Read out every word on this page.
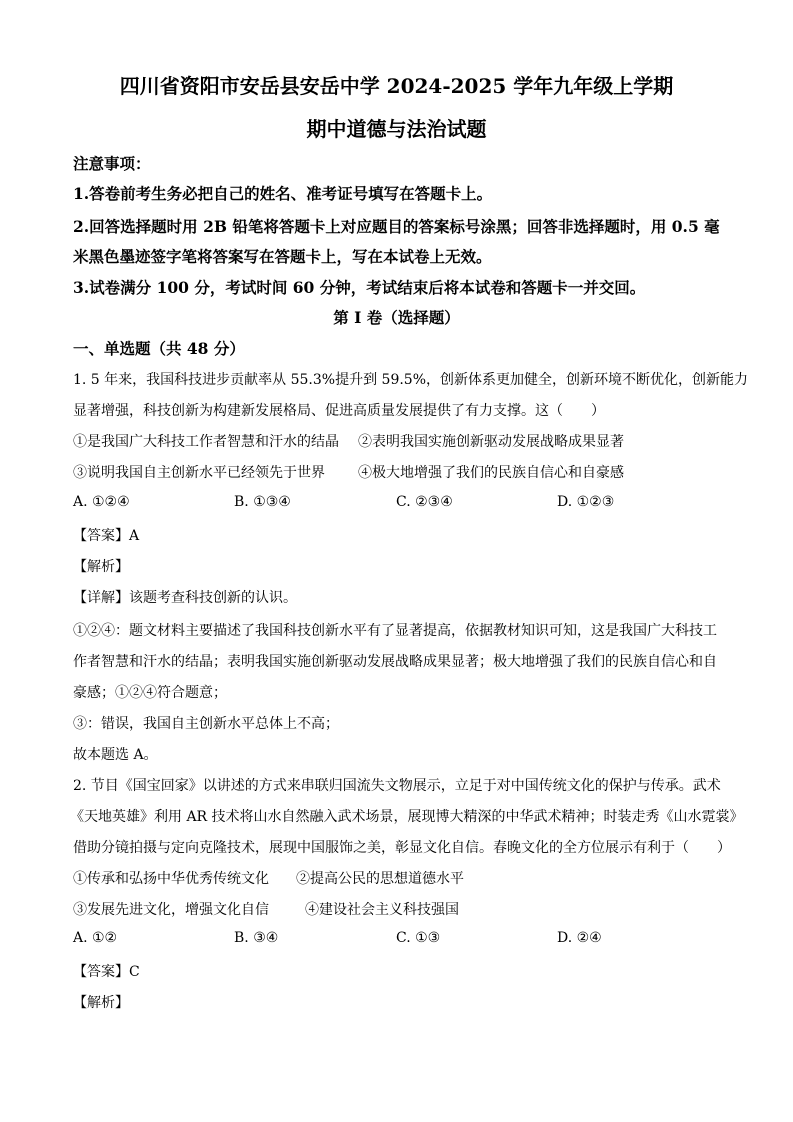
四川省资阳市安岳县安岳中学 2024-2025 学年九年级上学期
期中道德与法治试题
注意事项：
1.答卷前考生务必把自己的姓名、准考证号填写在答题卡上。
2.回答选择题时用 2B 铅笔将答题卡上对应题目的答案标号涂黑；回答非选择题时，用 0.5 毫
米黑色墨迹签字笔将答案写在答题卡上，写在本试卷上无效。
3.试卷满分 100 分，考试时间 60 分钟，考试结束后将本试卷和答题卡一并交回。
第 I 卷（选择题）
一、单选题（共 48 分）
1. 5 年来，我国科技进步贡献率从 55.3%提升到 59.5%，创新体系更加健全，创新环境不断优化，创新能力
显著增强，科技创新为构建新发展格局、促进高质量发展提供了有力支撑。这（　　）
①是我国广大科技工作者智慧和汗水的结晶 ②表明我国实施创新驱动发展战略成果显著
③说明我国自主创新水平已经领先于世界 ④极大地增强了我们的民族自信心和自豪感
A. ①②④	B. ①③④	C. ②③④	D. ①②③
【答案】A
【解析】
【详解】该题考查科技创新的认识。
①②④：题文材料主要描述了我国科技创新水平有了显著提高，依据教材知识可知，这是我国广大科技工
作者智慧和汗水的结晶；表明我国实施创新驱动发展战略成果显著；极大地增强了我们的民族自信心和自
豪感；①②④符合题意；
③：错误，我国自主创新水平总体上不高；
故本题选 A。
2. 节目《国宝回家》以讲述的方式来串联归国流失文物展示，立足于对中国传统文化的保护与传承。武术
《天地英雄》利用 AR 技术将山水自然融入武术场景，展现博大精深的中华武术精神；时装走秀《山水霓裳》
借助分镜拍摄与定向克隆技术，展现中国服饰之美，彰显文化自信。春晚文化的全方位展示有利于（　　）
①传承和弘扬中华优秀传统文化 ②提高公民的思想道德水平
③发展先进文化，增强文化自信	④建设社会主义科技强国
A. ①②	B. ③④	C. ①③	D. ②④
【答案】C
【解析】
